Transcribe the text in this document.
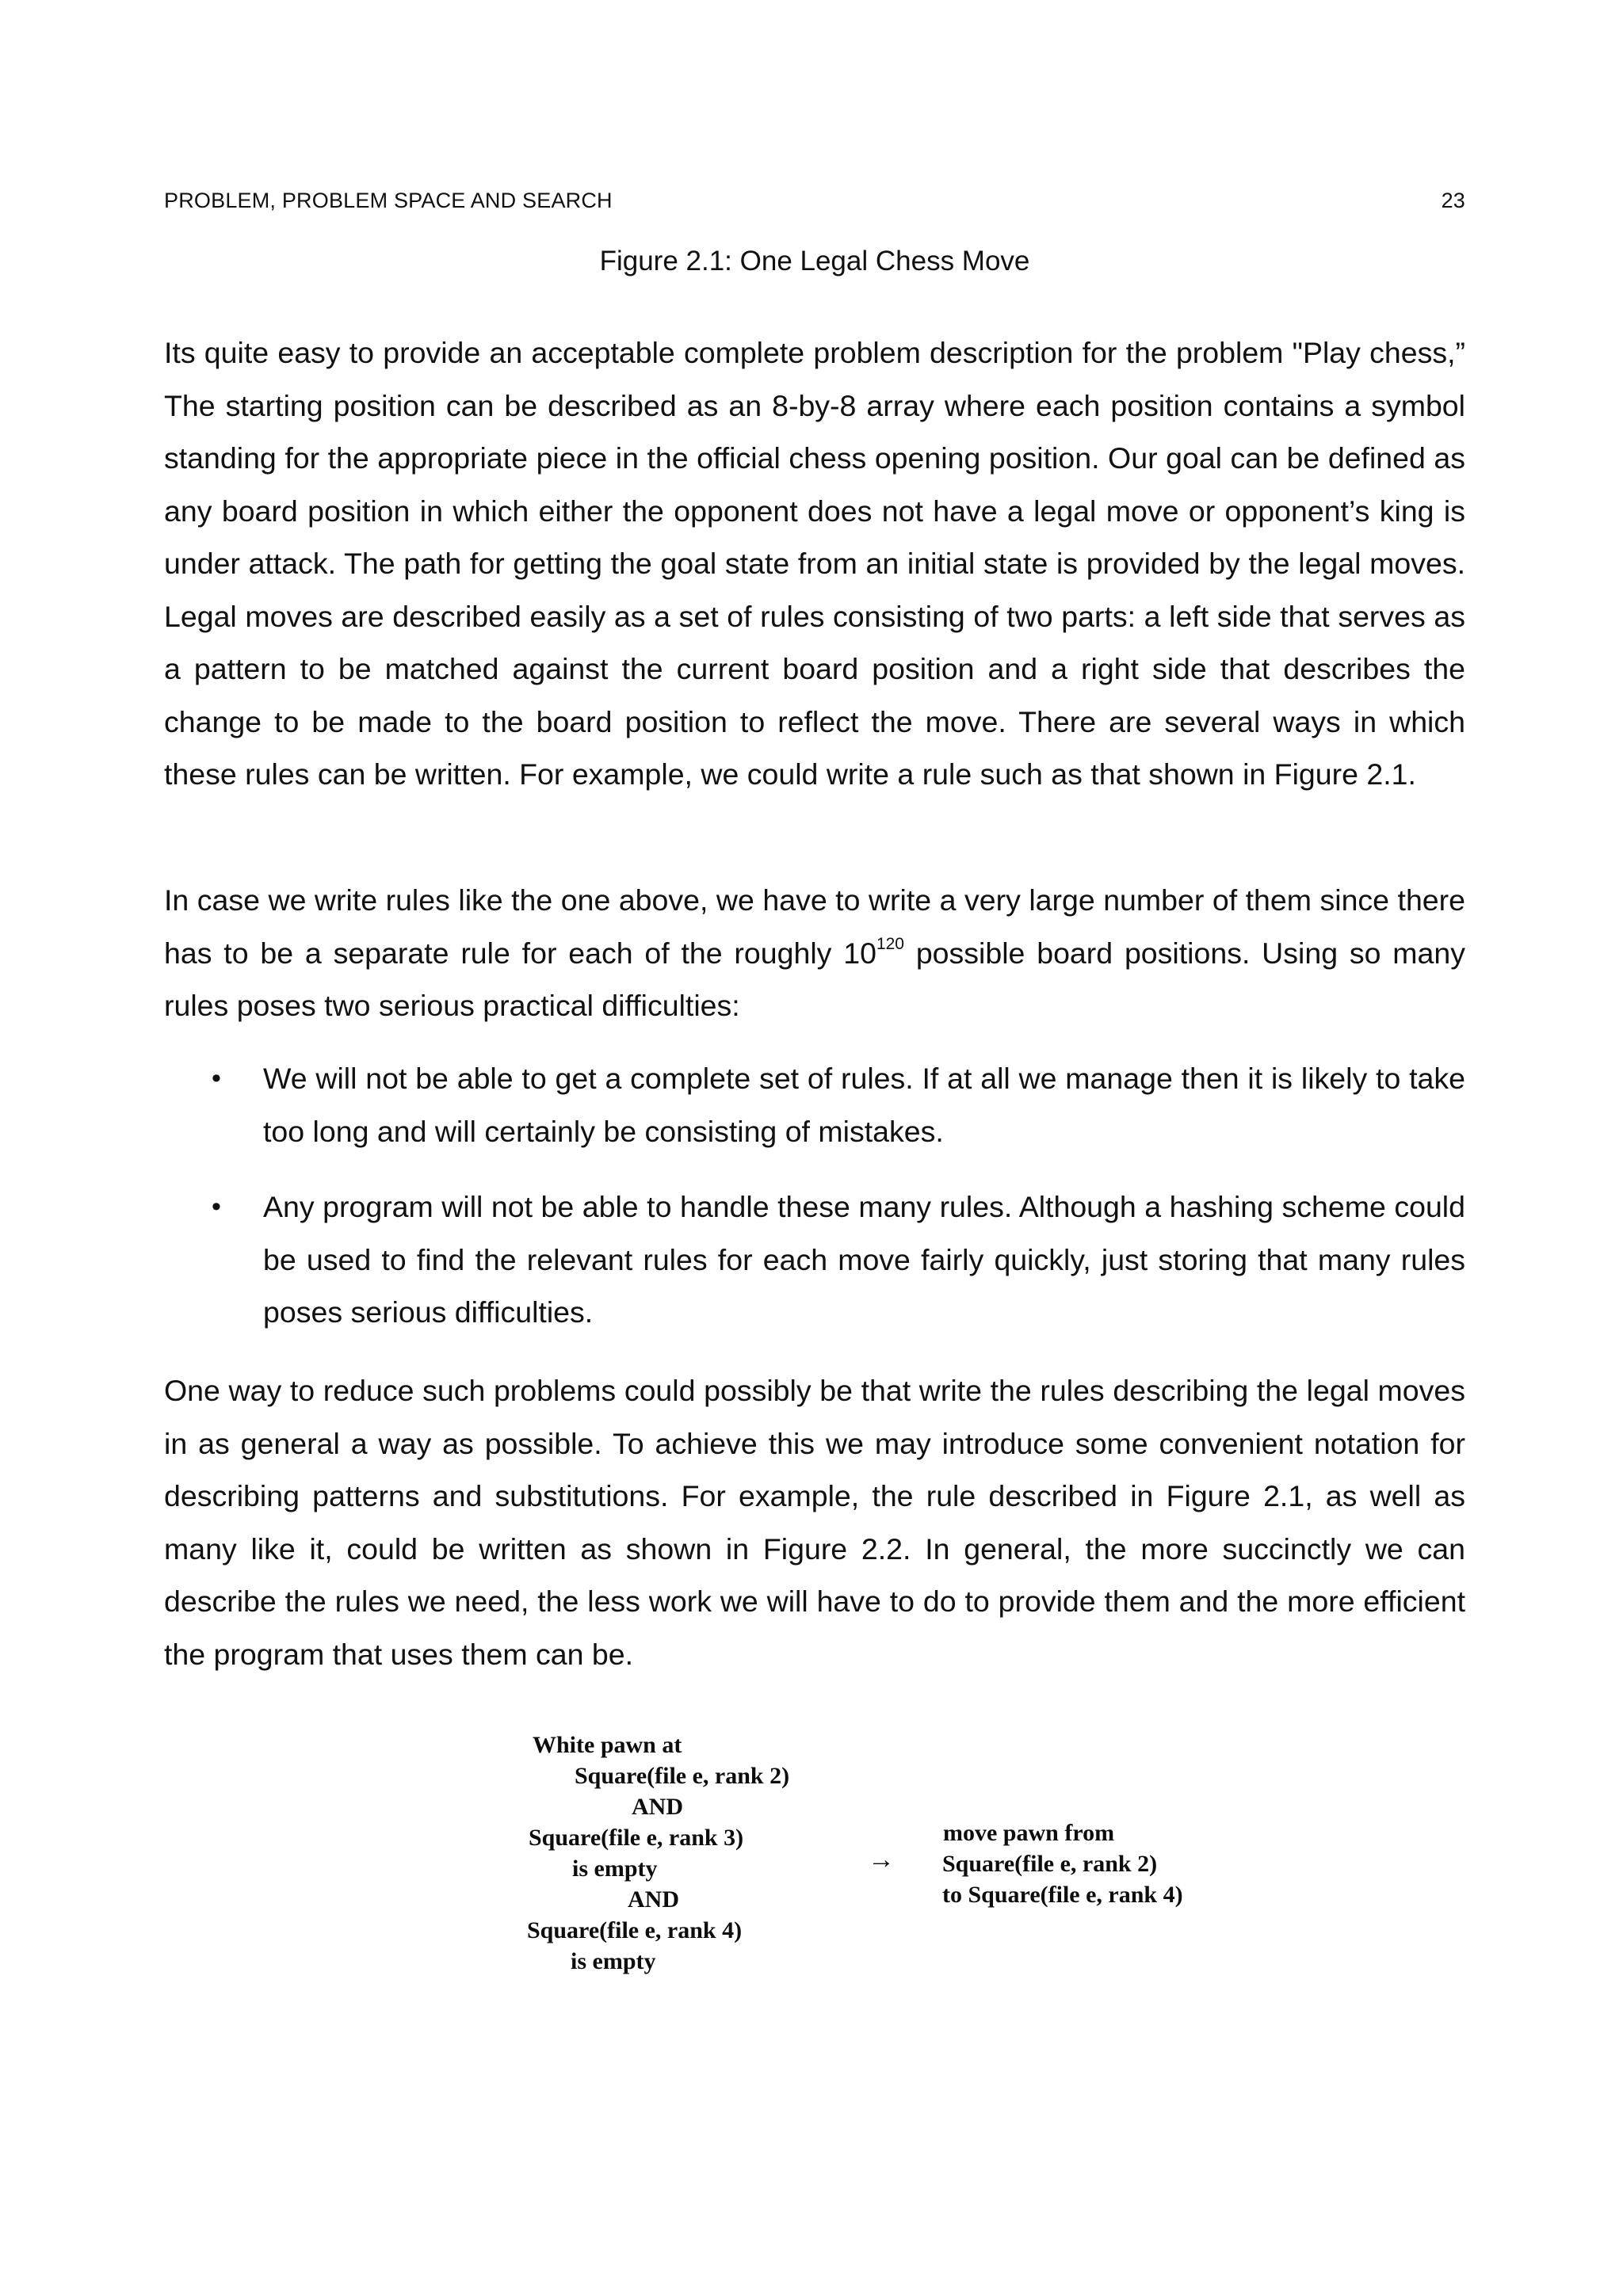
PROBLEM, PROBLEM SPACE AND SEARCH	23
Figure 2.1: One Legal Chess Move

Its quite easy to provide an acceptable complete problem description for the problem "Play chess,” The starting position can be described as an 8-by-8 array where each position contains a symbol standing for the appropriate piece in the official chess opening position. Our goal can be defined as any board position in which either the opponent does not have a legal move or opponent’s king is under attack. The path for getting the goal state from an initial state is provided by the legal moves. Legal moves are described easily as a set of rules consisting of two parts: a left side that serves as a pattern to be matched against the current board position and a right side that describes the change to be made to the board position to reflect the move. There are several ways in which these rules can be written. For example, we could write a rule such as that shown in Figure 2.1.

In case we write rules like the one above, we have to write a very large number of them since there has to be a separate rule for each of the roughly $10^{120}$ possible board positions. Using so many rules poses two serious practical difficulties:

• We will not be able to get a complete set of rules. If at all we manage then it is likely to take too long and will certainly be consisting of mistakes.
• Any program will not be able to handle these many rules. Although a hashing scheme could be used to find the relevant rules for each move fairly quickly, just storing that many rules poses serious difficulties.

One way to reduce such problems could possibly be that write the rules describing the legal moves in as general a way as possible. To achieve this we may introduce some convenient notation for describing patterns and substitutions. For example, the rule described in Figure 2.1, as well as many like it, could be written as shown in Figure 2.2. In general, the more succinctly we can describe the rules we need, the less work we will have to do to provide them and the more efficient the program that uses them can be.

White pawn at
Square(file e, rank 2)
AND
Square(file e, rank 3)
is empty
AND
Square(file e, rank 4)
is empty
→
move pawn from
Square(file e, rank 2)
to Square(file e, rank 4)
